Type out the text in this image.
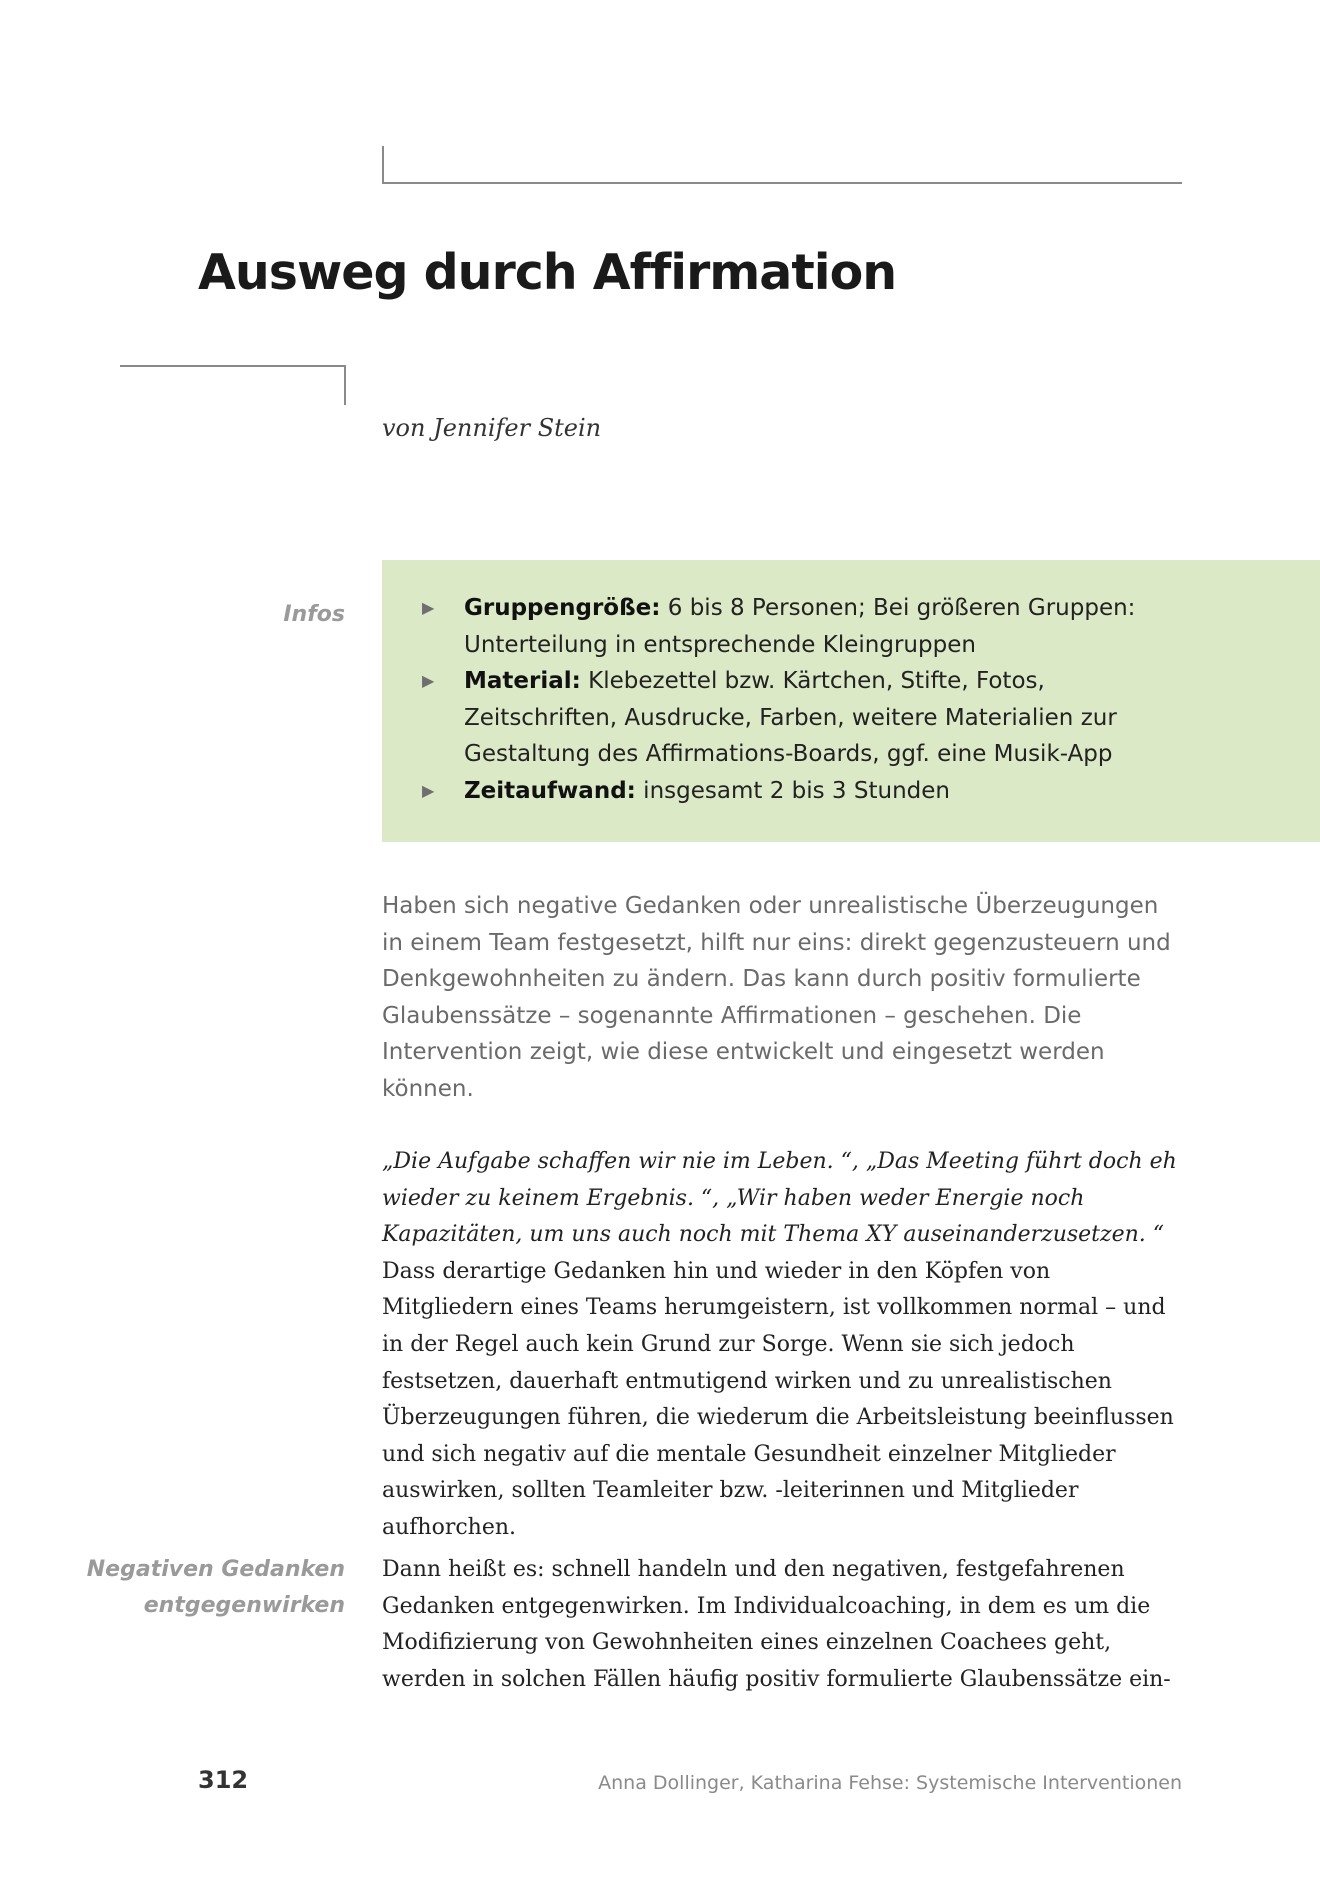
Ausweg durch Affirmation
von Jennifer Stein
Infos	▶ Gruppengröße: 6 bis 8 Personen; Bei größeren Gruppen: Unterteilung in entsprechende Kleingruppen
▶ Material: Klebezettel bzw. Kärtchen, Stifte, Fotos, Zeitschriften, Ausdrucke, Farben, weitere Materialien zur Gestaltung des Affirmations-Boards, ggf. eine Musik-App
▶ Zeitaufwand: insgesamt 2 bis 3 Stunden

Haben sich negative Gedanken oder unrealistische Überzeugungen in einem Team festgesetzt, hilft nur eins: direkt gegenzusteuern und Denkgewohnheiten zu ändern. Das kann durch positiv formulierte Glaubenssätze – sogenannte Affirmationen – geschehen. Die Intervention zeigt, wie diese entwickelt und eingesetzt werden können.

„Die Aufgabe schaffen wir nie im Leben. “, „Das Meeting führt doch eh wieder zu keinem Ergebnis. “, „Wir haben weder Energie noch Kapazitäten, um uns auch noch mit Thema XY auseinanderzusetzen. “ Dass derartige Gedanken hin und wieder in den Köpfen von Mitgliedern eines Teams herumgeistern, ist vollkommen normal – und in der Regel auch kein Grund zur Sorge. Wenn sie sich jedoch festsetzen, dauerhaft entmutigend wirken und zu unrealistischen Überzeugungen führen, die wiederum die Arbeitsleistung beeinflussen und sich negativ auf die mentale Gesundheit einzelner Mitglieder auswirken, sollten Teamleiter bzw. -leiterinnen und Mitglieder aufhorchen.

Negativen Gedanken
entgegenwirken

Dann heißt es: schnell handeln und den negativen, festgefahrenen Gedanken entgegenwirken. Im Individualcoaching, in dem es um die Modifizierung von Gewohnheiten eines einzelnen Coachees geht, werden in solchen Fällen häufig positiv formulierte Glaubenssätze ein-

312	Anna Dollinger, Katharina Fehse: Systemische Interventionen
